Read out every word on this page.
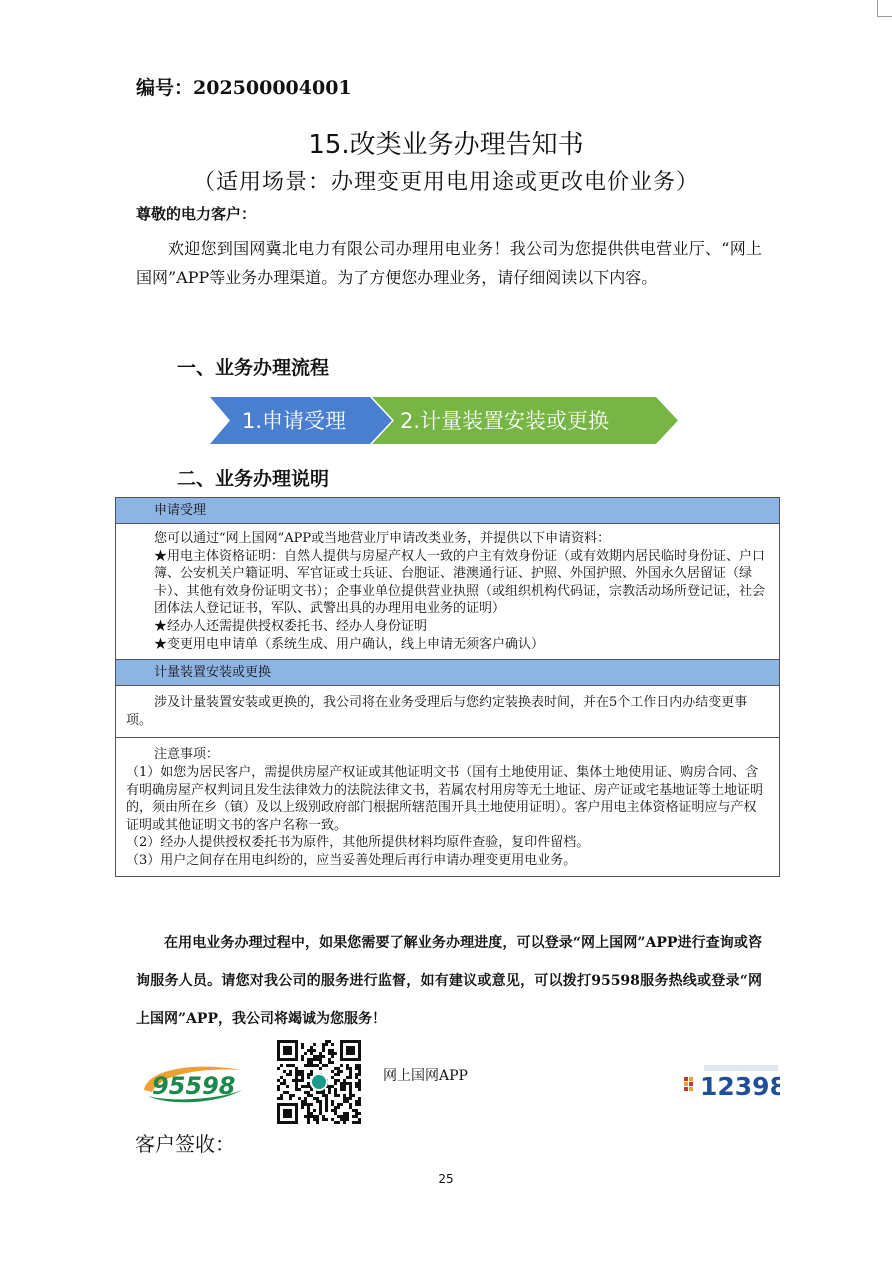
编号：202500004001
15.改类业务办理告知书
（适用场景：办理变更用电用途或更改电价业务）
尊敬的电力客户：
欢迎您到国网冀北电力有限公司办理用电业务！我公司为您提供供电营业厅、“网上国网”APP等业务办理渠道。为了方便您办理业务，请仔细阅读以下内容。
一、业务办理流程
1.申请受理	2.计量装置安装或更换
二、业务办理说明
申请受理

您可以通过“网上国网”APP或当地营业厅申请改类业务，并提供以下申请资料：

★用电主体资格证明：自然人提供与房屋产权人一致的户主有效身份证（或有效期内居民临时身份证、户口簿、公安机关户籍证明、军官证或士兵证、台胞证、港澳通行证、护照、外国护照、外国永久居留证（绿卡）、其他有效身份证明文书）；企事业单位提供营业执照（或组织机构代码证，宗教活动场所登记证，社会团体法人登记证书，军队、武警出具的办理用电业务的证明）

★经办人还需提供授权委托书、经办人身份证明

★变更用电申请单（系统生成、用户确认，线上申请无须客户确认）

计量装置安装或更换
涉及计量装置安装或更换的，我公司将在业务受理后与您约定装换表时间，并在5个工作日内办结变更事项。

注意事项：

（1）如您为居民客户，需提供房屋产权证或其他证明文书（国有土地使用证、集体土地使用证、购房合同、含有明确房屋产权判词且发生法律效力的法院法律文书，若属农村用房等无土地证、房产证或宅基地证等土地证明的，须由所在乡（镇）及以上级别政府部门根据所辖范围开具土地使用证明）。客户用电主体资格证明应与产权证明或其他证明文书的客户名称一致。

（2）经办人提供授权委托书为原件，其他所提供材料均原件查验，复印件留档。

（3）用户之间存在用电纠纷的，应当妥善处理后再行申请办理变更用电业务。

在用电业务办理过程中，如果您需要了解业务办理进度，可以登录“网上国网”APP进行查询或咨询服务人员。请您对我公司的服务进行监督，如有建议或意见，可以拨打95598服务热线或登录“网上国网”APP，我公司将竭诚为您服务！
95598	网上国网APP	12398
客户签收：
25
